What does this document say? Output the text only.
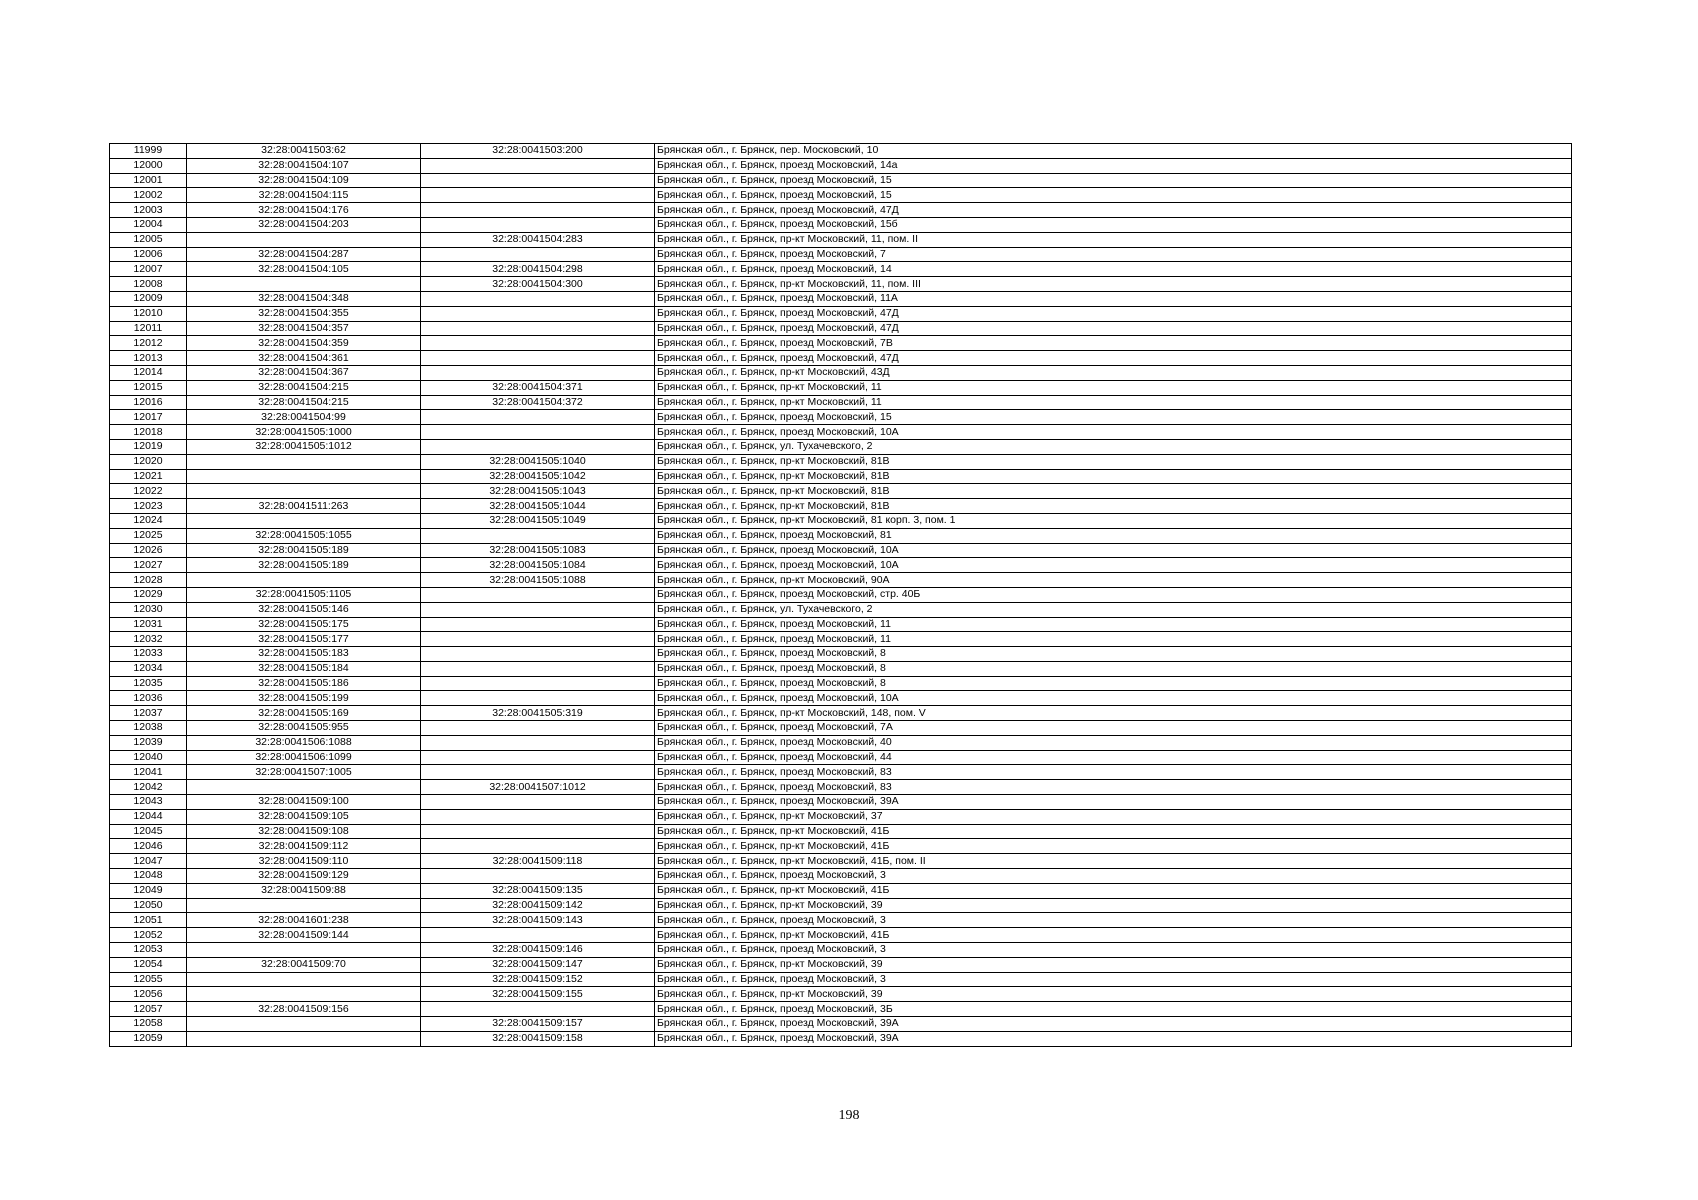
11999	32:28:0041503:62	32:28:0041503:200	Брянская обл., г. Брянск, пер. Московский, 10
12000	32:28:0041504:107		Брянская обл., г. Брянск, проезд Московский, 14а
12001	32:28:0041504:109		Брянская обл., г. Брянск, проезд Московский, 15
12002	32:28:0041504:115		Брянская обл., г. Брянск, проезд Московский, 15
12003	32:28:0041504:176		Брянская обл., г. Брянск, проезд Московский, 47Д
12004	32:28:0041504:203		Брянская обл., г. Брянск, проезд Московский, 15б
12005		32:28:0041504:283	Брянская обл., г. Брянск, пр-кт Московский, 11, пом. II
12006	32:28:0041504:287		Брянская обл., г. Брянск, проезд Московский, 7
12007	32:28:0041504:105	32:28:0041504:298	Брянская обл., г. Брянск, проезд Московский, 14
12008		32:28:0041504:300	Брянская обл., г. Брянск, пр-кт Московский, 11, пом. III
12009	32:28:0041504:348		Брянская обл., г. Брянск, проезд Московский, 11А
12010	32:28:0041504:355		Брянская обл., г. Брянск, проезд Московский, 47Д
12011	32:28:0041504:357		Брянская обл., г. Брянск, проезд Московский, 47Д
12012	32:28:0041504:359		Брянская обл., г. Брянск, проезд Московский, 7В
12013	32:28:0041504:361		Брянская обл., г. Брянск, проезд Московский, 47Д
12014	32:28:0041504:367		Брянская обл., г. Брянск, пр-кт Московский, 43Д
12015	32:28:0041504:215	32:28:0041504:371	Брянская обл., г. Брянск, пр-кт Московский, 11
12016	32:28:0041504:215	32:28:0041504:372	Брянская обл., г. Брянск, пр-кт Московский, 11
12017	32:28:0041504:99		Брянская обл., г. Брянск, проезд Московский, 15
12018	32:28:0041505:1000		Брянская обл., г. Брянск, проезд Московский, 10А
12019	32:28:0041505:1012		Брянская обл., г. Брянск, ул. Тухачевского, 2
12020		32:28:0041505:1040	Брянская обл., г. Брянск, пр-кт Московский, 81В
12021		32:28:0041505:1042	Брянская обл., г. Брянск, пр-кт Московский, 81В
12022		32:28:0041505:1043	Брянская обл., г. Брянск, пр-кт Московский, 81В
12023	32:28:0041511:263	32:28:0041505:1044	Брянская обл., г. Брянск, пр-кт Московский, 81В
12024		32:28:0041505:1049	Брянская обл., г. Брянск, пр-кт Московский, 81 корп. 3, пом. 1
12025	32:28:0041505:1055		Брянская обл., г. Брянск, проезд Московский, 81
12026	32:28:0041505:189	32:28:0041505:1083	Брянская обл., г. Брянск, проезд Московский, 10А
12027	32:28:0041505:189	32:28:0041505:1084	Брянская обл., г. Брянск, проезд Московский, 10А
12028		32:28:0041505:1088	Брянская обл., г. Брянск, пр-кт Московский, 90А
12029	32:28:0041505:1105		Брянская обл., г. Брянск, проезд Московский, стр. 40Б
12030	32:28:0041505:146		Брянская обл., г. Брянск, ул. Тухачевского, 2
12031	32:28:0041505:175		Брянская обл., г. Брянск, проезд Московский, 11
12032	32:28:0041505:177		Брянская обл., г. Брянск, проезд Московский, 11
12033	32:28:0041505:183		Брянская обл., г. Брянск, проезд Московский, 8
12034	32:28:0041505:184		Брянская обл., г. Брянск, проезд Московский, 8
12035	32:28:0041505:186		Брянская обл., г. Брянск, проезд Московский, 8
12036	32:28:0041505:199		Брянская обл., г. Брянск, проезд Московский, 10А
12037	32:28:0041505:169	32:28:0041505:319	Брянская обл., г. Брянск, пр-кт Московский, 148, пом. V
12038	32:28:0041505:955		Брянская обл., г. Брянск, проезд Московский, 7А
12039	32:28:0041506:1088		Брянская обл., г. Брянск, проезд Московский, 40
12040	32:28:0041506:1099		Брянская обл., г. Брянск, проезд Московский, 44
12041	32:28:0041507:1005		Брянская обл., г. Брянск, проезд Московский, 83
12042		32:28:0041507:1012	Брянская обл., г. Брянск, проезд Московский, 83
12043	32:28:0041509:100		Брянская обл., г. Брянск, проезд Московский, 39А
12044	32:28:0041509:105		Брянская обл., г. Брянск, пр-кт Московский, 37
12045	32:28:0041509:108		Брянская обл., г. Брянск, пр-кт Московский, 41Б
12046	32:28:0041509:112		Брянская обл., г. Брянск, пр-кт Московский, 41Б
12047	32:28:0041509:110	32:28:0041509:118	Брянская обл., г. Брянск, пр-кт Московский, 41Б, пом. II
12048	32:28:0041509:129		Брянская обл., г. Брянск, проезд Московский, 3
12049	32:28:0041509:88	32:28:0041509:135	Брянская обл., г. Брянск, пр-кт Московский, 41Б
12050		32:28:0041509:142	Брянская обл., г. Брянск, пр-кт Московский, 39
12051	32:28:0041601:238	32:28:0041509:143	Брянская обл., г. Брянск, проезд Московский, 3
12052	32:28:0041509:144		Брянская обл., г. Брянск, пр-кт Московский, 41Б
12053		32:28:0041509:146	Брянская обл., г. Брянск, проезд Московский, 3
12054	32:28:0041509:70	32:28:0041509:147	Брянская обл., г. Брянск, пр-кт Московский, 39
12055		32:28:0041509:152	Брянская обл., г. Брянск, проезд Московский, 3
12056		32:28:0041509:155	Брянская обл., г. Брянск, пр-кт Московский, 39
12057	32:28:0041509:156		Брянская обл., г. Брянск, проезд Московский, 3Б
12058		32:28:0041509:157	Брянская обл., г. Брянск, проезд Московский, 39А
12059		32:28:0041509:158	Брянская обл., г. Брянск, проезд Московский, 39А
198
